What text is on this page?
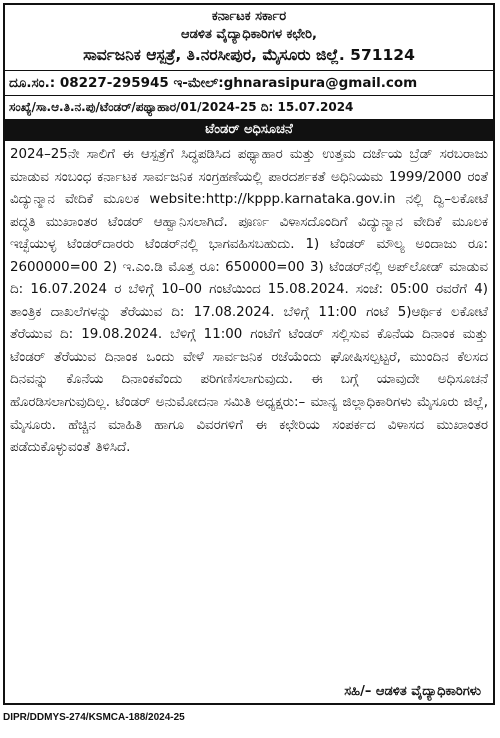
ಕರ್ನಾಟಕ ಸರ್ಕಾರ
ಆಡಳಿತ ವೈದ್ಯಾಧಿಕಾರಿಗಳ ಕಛೇರಿ,
ಸಾರ್ವಜನಿಕ ಆಸ್ಪತ್ರೆ, ತಿ.ನರಸೀಪುರ, ಮೈಸೂರು ಜಿಲ್ಲೆ. 571124
ದೂ.ಸಂ.: 08227-295945 ಇ-ಮೇಲ್:ghnarasipura@gmail.com
ಸಂಖ್ಯೆ/ಸಾ.ಆ.ತಿ.ನ.ಪು/ಟೆಂಡರ್/ಪಥ್ಯಾಹಾರ/01/2024-25 ದಿ: 15.07.2024
ಟೆಂಡರ್ ಅಧಿಸೂಚನೆ
2024–25ನೇ ಸಾಲಿಗೆ ಈ ಆಸ್ಪತ್ರೆಗೆ ಸಿದ್ಧಪಡಿಸಿದ ಪಥ್ಯಾಹಾರ ಮತ್ತು ಉತ್ತಮ ದರ್ಜೆಯ ಬ್ರೆಡ್ ಸರಬರಾಜು ಮಾಡುವ ಸಂಬಂಧ ಕರ್ನಾಟಕ ಸಾರ್ವಜನಿಕ ಸಂಗ್ರಹಣೆಯಲ್ಲಿ ಪಾರದರ್ಶಕತೆ ಅಧಿನಿಯಮ 1999/2000 ರಂತೆ ವಿದ್ಯುನ್ಮಾನ ವೇದಿಕೆ ಮೂಲಕ website:http://kppp.karnataka.gov.in ನಲ್ಲಿ ದ್ವಿ–ಲಕೋಟೆ ಪದ್ಧತಿ ಮುಖಾಂತರ ಟೆಂಡರ್ ಆಹ್ವಾನಿಸಲಾಗಿದೆ. ಪೂರ್ಣ ವಿಳಾಸದೊಂದಿಗೆ ವಿದ್ಯುನ್ಮಾನ ವೇದಿಕೆ ಮೂಲಕ ಇಚ್ಛೆಯುಳ್ಳ ಟೆಂಡರ್‌ದಾರರು ಟೆಂಡರ್‌ನಲ್ಲಿ ಭಾಗವಹಿಸಬಹುದು. 1) ಟೆಂಡರ್ ಮೌಲ್ಯ ಅಂದಾಜು ರೂ: 2600000=00 2) ಇ.ಎಂ.ಡಿ ಮೊತ್ತ ರೂ: 650000=00 3) ಟೆಂಡರ್‌ನಲ್ಲಿ ಅಪ್‌ಲೋಡ್ ಮಾಡುವ ದಿ: 16.07.2024 ರ ಬೆಳಿಗ್ಗೆ 10–00 ಗಂಟೆಯಿಂದ 15.08.2024. ಸಂಜೆ: 05:00 ರವರೆಗೆ 4) ತಾಂತ್ರಿಕ ದಾಖಲೆಗಳನ್ನು ತೆರೆಯುವ ದಿ: 17.08.2024. ಬೆಳಿಗ್ಗೆ 11:00 ಗಂಟೆ 5)ಆರ್ಥಿಕ ಲಕೋಟೆ ತೆರೆಯುವ ದಿ: 19.08.2024. ಬೆಳಿಗ್ಗೆ 11:00 ಗಂಟೆಗೆ ಟೆಂಡರ್ ಸಲ್ಲಿಸುವ ಕೊನೆಯ ದಿನಾಂಕ ಮತ್ತು ಟೆಂಡರ್ ತೆರೆಯುವ ದಿನಾಂಕ ಒಂದು ವೇಳೆ ಸಾರ್ವಜನಿಕ ರಜೆಯೆಂದು ಘೋಷಿಸಲ್ಪಟ್ಟರೆ, ಮುಂದಿನ ಕೆಲಸದ ದಿನವನ್ನು ಕೊನೆಯ ದಿನಾಂಕವೆಂದು ಪರಿಗಣಿಸಲಾಗುವುದು. ಈ ಬಗ್ಗೆ ಯಾವುದೇ ಅಧಿಸೂಚನೆ ಹೊರಡಿಸಲಾಗುವುದಿಲ್ಲ. ಟೆಂಡರ್ ಅನುಮೋದನಾ ಸಮಿತಿ ಅಧ್ಯಕ್ಷರು:– ಮಾನ್ಯ ಜಿಲ್ಲಾಧಿಕಾರಿಗಳು ಮೈಸೂರು ಜಿಲ್ಲೆ, ಮೈಸೂರು. ಹೆಚ್ಚಿನ ಮಾಹಿತಿ ಹಾಗೂ ವಿವರಗಳಿಗೆ ಈ ಕಛೇರಿಯ ಸಂಪರ್ಕದ ವಿಳಾಸದ ಮುಖಾಂತರ ಪಡೆದುಕೊಳ್ಳುವಂತೆ ತಿಳಿಸಿದೆ.
ಸಹಿ/– ಆಡಳಿತ ವೈದ್ಯಾಧಿಕಾರಿಗಳು
DIPR/DDMYS-274/KSMCA-188/2024-25
